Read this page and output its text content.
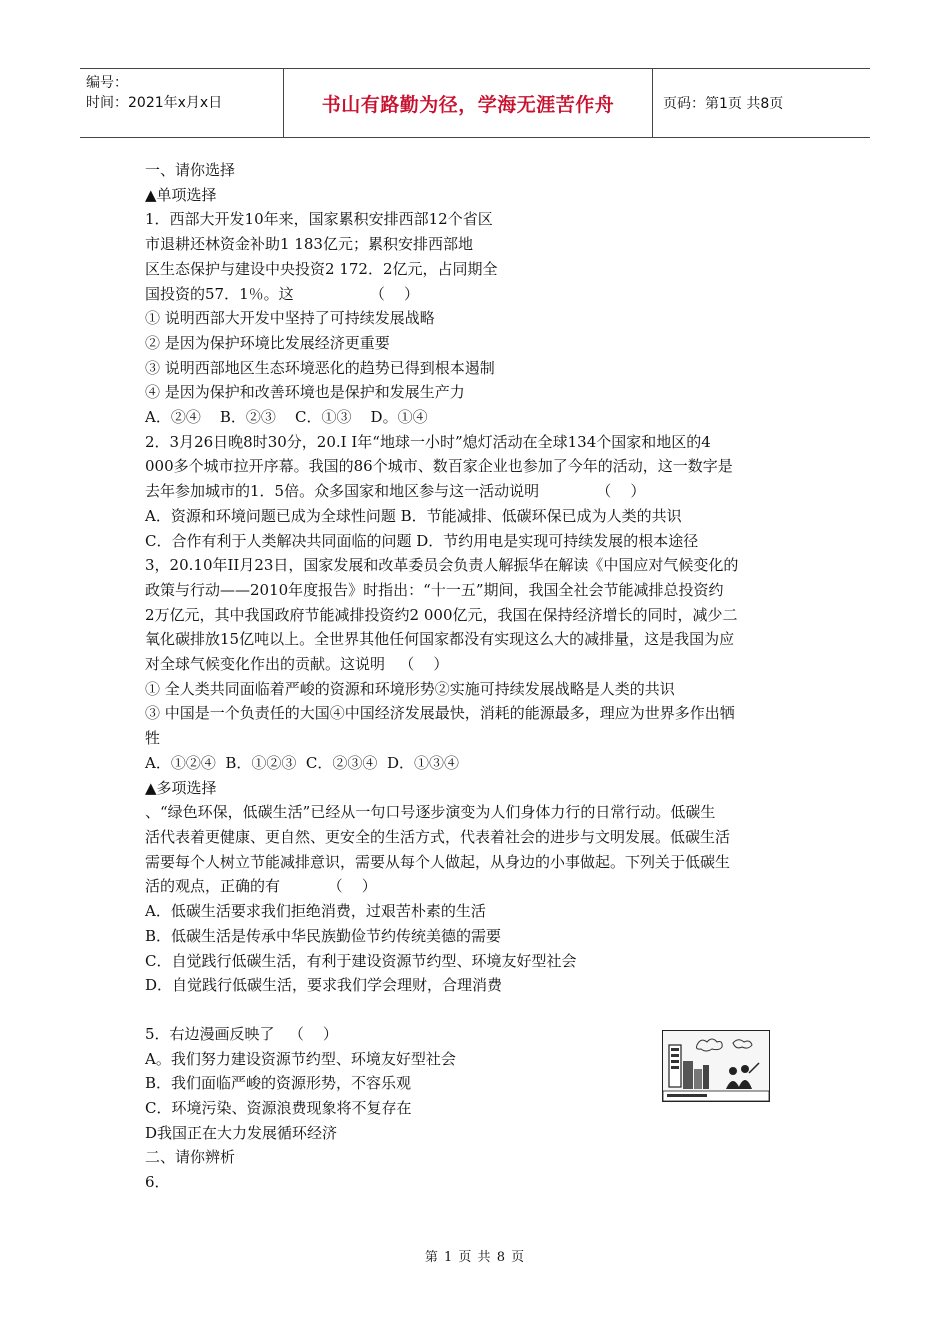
编号：
时间：2021年x月x日	书山有路勤为径，学海无涯苦作舟	页码：第1页 共8页

一、请你选择

▲单项选择

1．西部大开发10年来，国家累积安排西部12个省区

市退耕还林资金补助1 183亿元；累积安排西部地

区生态保护与建设中央投资2 172．2亿元，占同期全

国投资的57．1％。这                （    ）

① 说明西部大开发中坚持了可持续发展战略

② 是因为保护环境比发展经济更重要

③ 说明西部地区生态环境恶化的趋势已得到根本遏制

④ 是因为保护和改善环境也是保护和发展生产力

A．②④    B．②③    C．①③    D。①④

2．3月26日晚8时30分，20.I I年“地球一小时”熄灯活动在全球134个国家和地区的4

000多个城市拉开序幕。我国的86个城市、数百家企业也参加了今年的活动，这一数字是

去年参加城市的1．5倍。众多国家和地区参与这一活动说明            （    ）

A．资源和环境问题已成为全球性问题 B．节能减排、低碳环保已成为人类的共识

C．合作有利于人类解决共同面临的问题 D．节约用电是实现可持续发展的根本途径

3，20.10年II月23日，国家发展和改革委员会负责人解振华在解读《中国应对气候变化的

政策与行动——2010年度报告》时指出：“十一五”期间，我国全社会节能减排总投资约

2万亿元，其中我国政府节能减排投资约2 000亿元，我国在保持经济增长的同时，减少二

氧化碳排放15亿吨以上。全世界其他任何国家都没有实现这么大的减排量，这是我国为应

对全球气候变化作出的贡献。这说明   （    ）

① 全人类共同面临着严峻的资源和环境形势②实施可持续发展战略是人类的共识

③ 中国是一个负责任的大国④中国经济发展最快，消耗的能源最多，理应为世界多作出牺

牲

A．①②④  B．①②③  C．②③④  D．①③④

▲多项选择

、“绿色环保，低碳生活”已经从一句口号逐步演变为人们身体力行的日常行动。低碳生

活代表着更健康、更自然、更安全的生活方式，代表着社会的进步与文明发展。低碳生活

需要每个人树立节能减排意识，需要从每个人做起，从身边的小事做起。下列关于低碳生

活的观点，正确的有          （    ）

A．低碳生活要求我们拒绝消费，过艰苦朴素的生活

B．低碳生活是传承中华民族勤俭节约传统美德的需要

C．自觉践行低碳生活，有利于建设资源节约型、环境友好型社会

D．自觉践行低碳生活，要求我们学会理财，合理消费

5．右边漫画反映了   （    ）

A。我们努力建设资源节约型、环境友好型社会

B．我们面临严峻的资源形势，不容乐观

C．环境污染、资源浪费现象将不复存在

D我国正在大力发展循环经济

二、请你辨析

6．

第 1 页 共 8 页
